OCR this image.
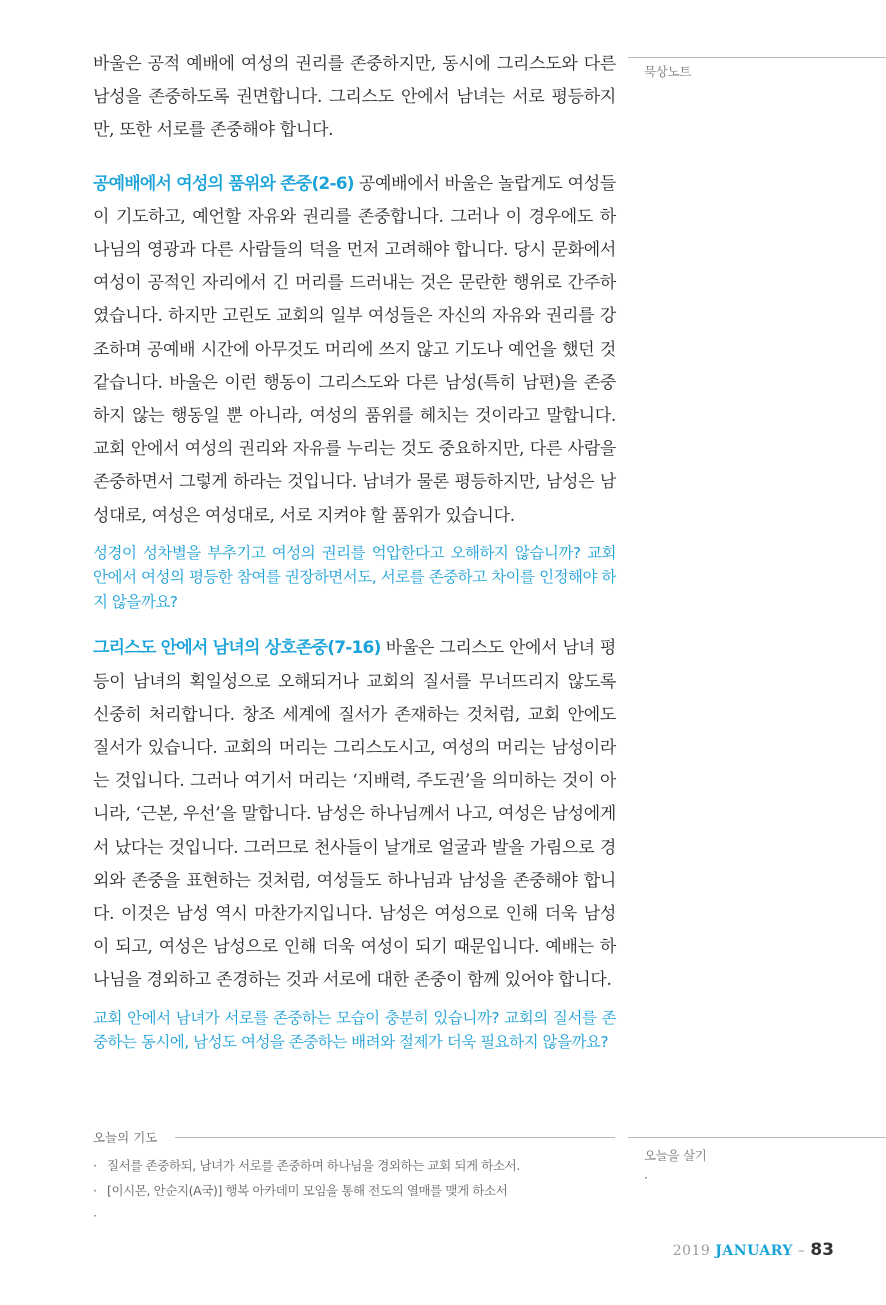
묵상노트

바울은 공적 예배에 여성의 권리를 존중하지만, 동시에 그리스도와 다른 남성을 존중하도록 권면합니다. 그리스도 안에서 남녀는 서로 평등하지만, 또한 서로를 존중해야 합니다.

공예배에서 여성의 품위와 존중(2-6) 공예배에서 바울은 놀랍게도 여성들이 기도하고, 예언할 자유와 권리를 존중합니다. 그러나 이 경우에도 하나님의 영광과 다른 사람들의 덕을 먼저 고려해야 합니다. 당시 문화에서 여성이 공적인 자리에서 긴 머리를 드러내는 것은 문란한 행위로 간주하였습니다. 하지만 고린도 교회의 일부 여성들은 자신의 자유와 권리를 강조하며 공예배 시간에 아무것도 머리에 쓰지 않고 기도나 예언을 했던 것 같습니다. 바울은 이런 행동이 그리스도와 다른 남성(특히 남편)을 존중하지 않는 행동일 뿐 아니라, 여성의 품위를 헤치는 것이라고 말합니다. 교회 안에서 여성의 권리와 자유를 누리는 것도 중요하지만, 다른 사람을 존중하면서 그렇게 하라는 것입니다. 남녀가 물론 평등하지만, 남성은 남성대로, 여성은 여성대로, 서로 지켜야 할 품위가 있습니다.

성경이 성차별을 부추기고 여성의 권리를 억압한다고 오해하지 않습니까? 교회 안에서 여성의 평등한 참여를 권장하면서도, 서로를 존중하고 차이를 인정해야 하지 않을까요?

그리스도 안에서 남녀의 상호존중(7-16) 바울은 그리스도 안에서 남녀 평등이 남녀의 획일성으로 오해되거나 교회의 질서를 무너뜨리지 않도록 신중히 처리합니다. 창조 세계에 질서가 존재하는 것처럼, 교회 안에도 질서가 있습니다. 교회의 머리는 그리스도시고, 여성의 머리는 남성이라는 것입니다. 그러나 여기서 머리는 ‘지배력, 주도권’을 의미하는 것이 아니라, ‘근본, 우선’을 말합니다. 남성은 하나님께서 나고, 여성은 남성에게서 났다는 것입니다. 그러므로 천사들이 날개로 얼굴과 발을 가림으로 경외와 존중을 표현하는 것처럼, 여성들도 하나님과 남성을 존중해야 합니다. 이것은 남성 역시 마찬가지입니다. 남성은 여성으로 인해 더욱 남성이 되고, 여성은 남성으로 인해 더욱 여성이 되기 때문입니다. 예배는 하나님을 경외하고 존경하는 것과 서로에 대한 존중이 함께 있어야 합니다.

교회 안에서 남녀가 서로를 존중하는 모습이 충분히 있습니까? 교회의 질서를 존중하는 동시에, 남성도 여성을 존중하는 배려와 절제가 더욱 필요하지 않을까요?

오늘의 기도
· 질서를 존중하되, 남녀가 서로를 존중하며 하나님을 경외하는 교회 되게 하소서.
· [이시몬, 안순지(A국)] 행복 아카데미 모임을 통해 전도의 열매를 맺게 하소서
·
오늘을 살기
·
2019 JANUARY – 83
